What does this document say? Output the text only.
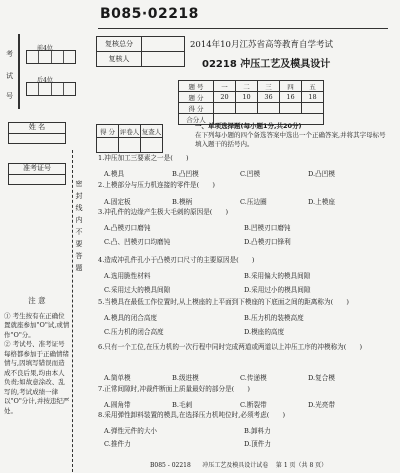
前4位
后4位
考
试
号
姓 名
准考证号
密
封
线
内
不
要
答
题
注 意
① 考生按有在正确位置就座参加"O"试,或情作"O"分。
② 考试号、准考证号每格都参加于正确情绪情与,因填写错误而造成不良后果,均由本人负责;如故意涂改、乱写的,考试成绩一律以"O"分计,并按违纪严处。
B085·02218
复核总分	
复核人	
2014年10月江苏省高等教育自学考试
02218 冲压工艺及模具设计
题 号	一	二	三	四	五
题 分	20	10	36	16	18
得 分					
合分人					
得 分	评卷人	复查人

一、单项选择题(每小题1分,共20分)
在下列每小题的四个备选答案中选出一个正确答案,并将其字母标号填入题干的括号内。
1.冲压加工三要素之一是(　　)
A.模具	B.凸凹模	C.凹模	D.凸凹模
2.上模部分与压力机连接的零件是(　　)
A.固定板	B.模柄	C.压边圈	D.上模座
3.冲孔件的边缘产生极大毛刺的原因是(　　)
A.凸模刃口磨钝	B.凹模刃口磨钝
C.凸、凹模刃口均磨钝	D.凸模刃口锋利
4.造成冲孔件孔小于凸模刃口尺寸的主要原因是(　　)
A.选用脆性材料	B.采用偏大的模具间隙
C.采用过大的模具间隙	D.采用过小的模具间隙
5.当模具在最低工作位置时,从上模座的上平面到下模座的下底面之间的距离称为(　　)
A.模具的闭合高度	B.压力机的装模高度
C.压力机的闭合高度	D.模座的高度
6.只有一个工位,在压力机的一次行程中同时完成两道或两道以上冲压工序的冲模称为(　　)
A.简单模	B.级进模	C.传递模	D.复合模
7.正常间隙时,冲裁件断面上质量最好的部分是(　　)
A.圆角带	B.毛刺	C.断裂带	D.光亮带
8.采用弹性卸料装置的模具,在选择压力机吨位时,必须考虑(　　)
A.弹性元件的大小	B.卸料力
C.推件力	D.顶件力
B085 - 02218 冲压工艺及模具设计试卷 第 1 页（共 8 页）
